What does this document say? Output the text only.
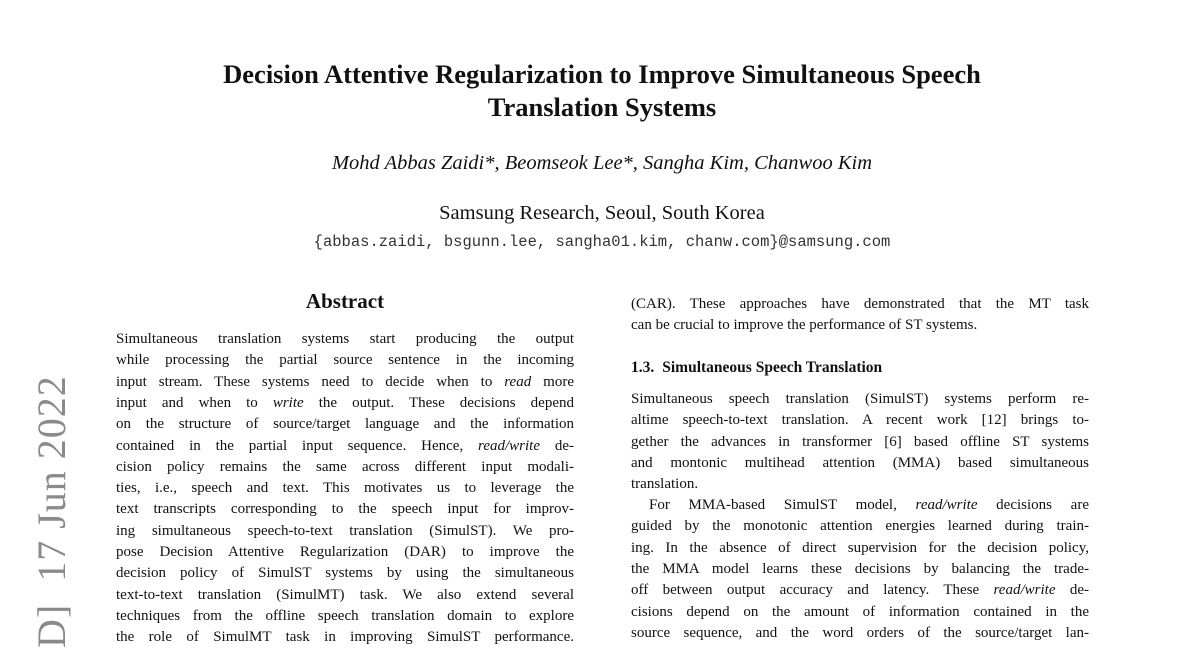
Decision Attentive Regularization to Improve Simultaneous Speech
Translation Systems
Mohd Abbas Zaidi*, Beomseok Lee*, Sangha Kim, Chanwoo Kim
Samsung Research, Seoul, South Korea
{abbas.zaidi, bsgunn.lee, sangha01.kim, chanw.com}@samsung.com
D]  17 Jun 2022
Abstract
Simultaneous translation systems start producing the output
while processing the partial source sentence in the incoming
input stream. These systems need to decide when to read more
input and when to write the output. These decisions depend
on the structure of source/target language and the information
contained in the partial input sequence. Hence, read/write de-
cision policy remains the same across different input modali-
ties, i.e., speech and text. This motivates us to leverage the
text transcripts corresponding to the speech input for improv-
ing simultaneous speech-to-text translation (SimulST). We pro-
pose Decision Attentive Regularization (DAR) to improve the
decision policy of SimulST systems by using the simultaneous
text-to-text translation (SimulMT) task. We also extend several
techniques from the offline speech translation domain to explore
the role of SimulMT task in improving SimulST performance.
(CAR). These approaches have demonstrated that the MT task
can be crucial to improve the performance of ST systems.
1.3. Simultaneous Speech Translation
Simultaneous speech translation (SimulST) systems perform re-
altime speech-to-text translation. A recent work [12] brings to-
gether the advances in transformer [6] based offline ST systems
and montonic multihead attention (MMA) based simultaneous
translation.
For MMA-based SimulST model, read/write decisions are
guided by the monotonic attention energies learned during train-
ing. In the absence of direct supervision for the decision policy,
the MMA model learns these decisions by balancing the trade-
off between output accuracy and latency. These read/write de-
cisions depend on the amount of information contained in the
source sequence, and the word orders of the source/target lan-
